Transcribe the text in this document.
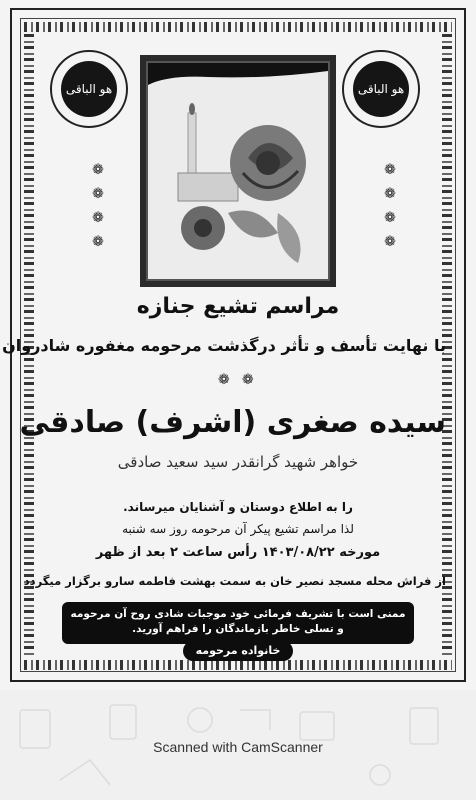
هو الباقی	هو الباقی
❁
❁
❁
❁
❁
❁
❁
❁
مراسم تشیع جنازه
با نهایت تأسف و تأثر درگذشت مرحومه مغفوره شادروان
❁ ❁
سیده صغری (اشرف) صادقی
خواهر شهید گرانقدر سید سعید صادقی
را به اطلاع دوستان و آشنایان میرساند.
لذا مراسم تشیع پیکر آن مرحومه روز سه شنبه
مورخه ۱۴۰۳/۰۸/۲۲ رأس ساعت ۲ بعد از ظهر
از فراش محله مسجد نصیر خان به سمت بهشت فاطمه سارو برگزار میگردد
ممنی است با تشریف فرمائی خود موجبات شادی روح آن مرحومه
و تسلی خاطر بازماندگان را فراهم آورید.
خانواده مرحومه
Scanned with CamScanner
